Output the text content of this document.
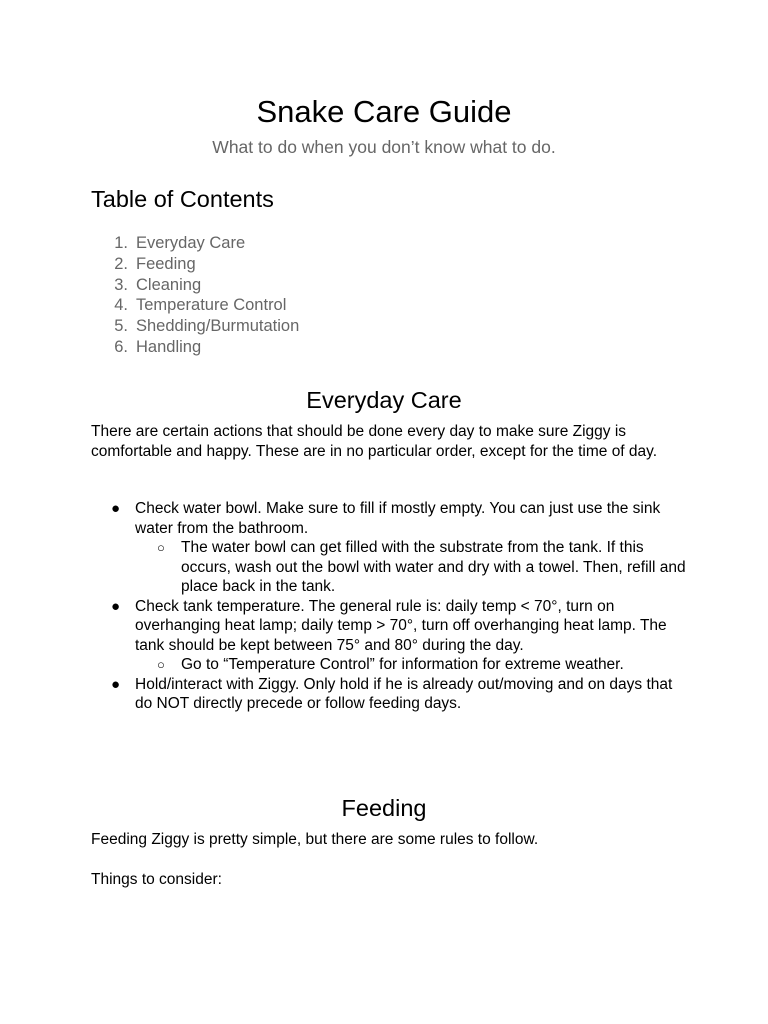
Snake Care Guide
What to do when you don’t know what to do.
Table of Contents
1. Everyday Care
2. Feeding
3. Cleaning
4. Temperature Control
5. Shedding/Burmutation
6. Handling
Everyday Care

There are certain actions that should be done every day to make sure Ziggy is comfortable and happy. These are in no particular order, except for the time of day.

● Check water bowl. Make sure to fill if mostly empty. You can just use the sink water from the bathroom.
○ The water bowl can get filled with the substrate from the tank. If this occurs, wash out the bowl with water and dry with a towel. Then, refill and place back in the tank.
● Check tank temperature. The general rule is: daily temp < 70°, turn on overhanging heat lamp; daily temp > 70°, turn off overhanging heat lamp. The tank should be kept between 75° and 80° during the day.
○ Go to “Temperature Control” for information for extreme weather.
● Hold/interact with Ziggy. Only hold if he is already out/moving and on days that do NOT directly precede or follow feeding days.
Feeding

Feeding Ziggy is pretty simple, but there are some rules to follow.

Things to consider:
